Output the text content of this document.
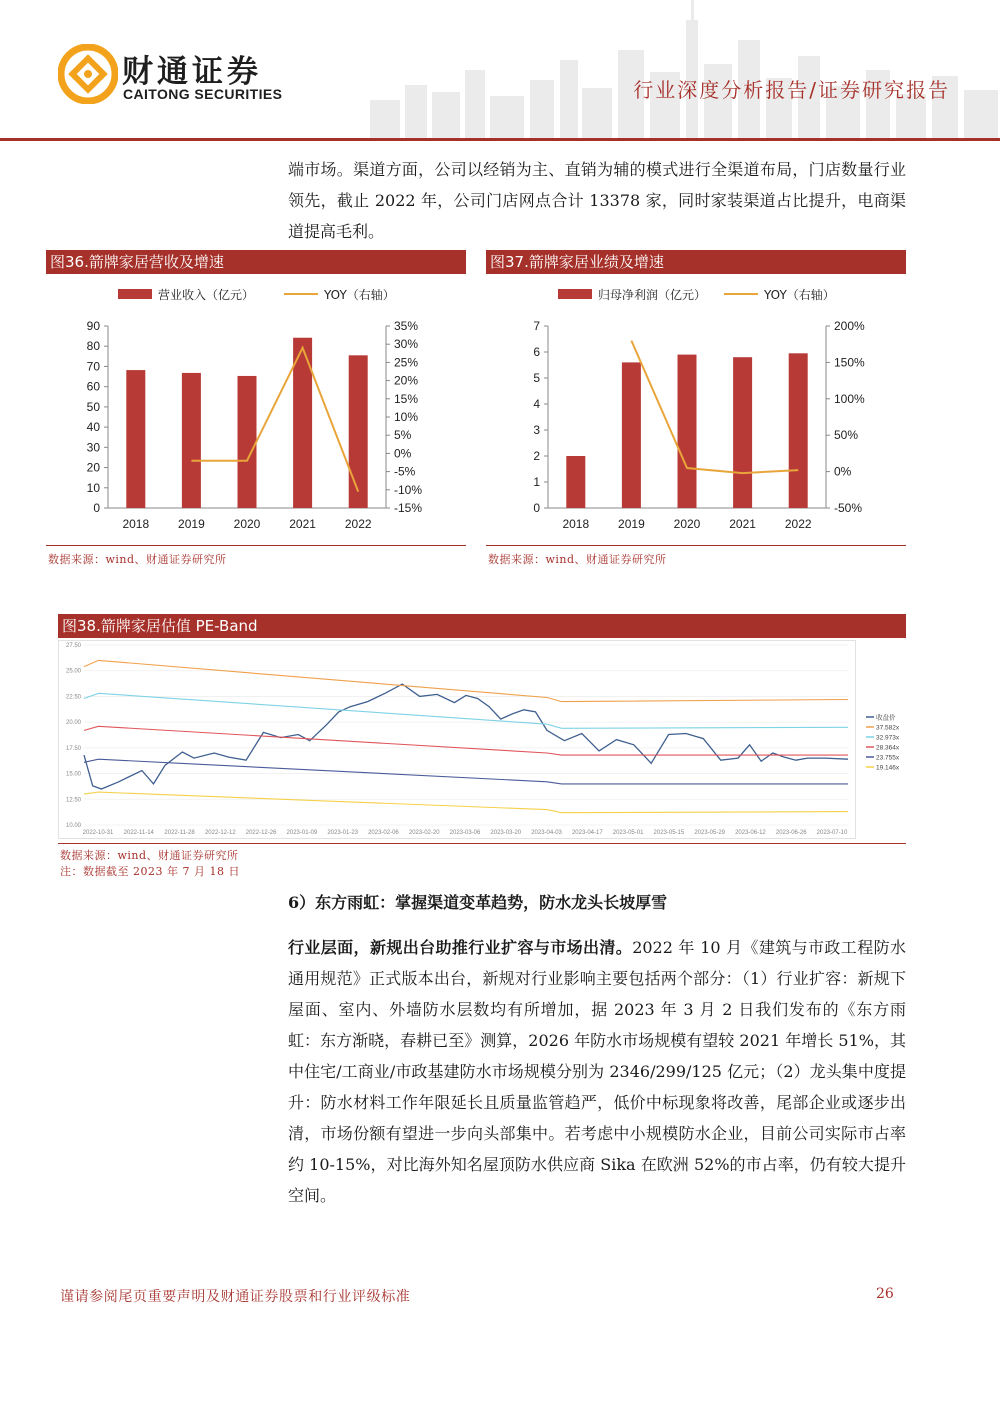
财通证券
CAITONG SECURITIES	行业深度分析报告/证券研究报告
端市场。渠道方面，公司以经销为主、直销为辅的模式进行全渠道布局，门店数量行业领先，截止 2022 年，公司门店网点合计 13378 家，同时家装渠道占比提升，电商渠道提高毛利。
图36.箭牌家居营收及增速
营业收入（亿元）	YOY（右轴）
0
10
20
30
40
50
60
70
80
90
-15%
-10%
-5%
0%
5%
10%
15%
20%
25%
30%
35%
2018 2019 2020 2021 2022
数据来源：wind、财通证券研究所
图37.箭牌家居业绩及增速
归母净利润（亿元）	YOY（右轴）
0
1
2
3
4
5
6
7
-50%
0%
50%
100%
150%
200%
2018 2019 2020 2021 2022
数据来源：wind、财通证券研究所
图38.箭牌家居估值 PE-Band
10.00
12.50
15.00
17.50
20.00
22.50
25.00
27.50
2022-10-31 2022-11-14 2022-11-28 2022-12-12 2022-12-26 2023-01-09 2023-01-23 2023-02-06 2023-02-20 2023-03-06 2023-03-20 2023-04-03 2023-04-17 2023-05-01 2023-05-15 2023-05-29 2023-06-12 2023-06-26 2023-07-10
收盘价
37.582x
32.973x
28.364x
23.755x
19.146x
数据来源：wind、财通证券研究所
注：数据截至 2023 年 7 月 18 日
6）东方雨虹：掌握渠道变革趋势，防水龙头长坡厚雪
行业层面，新规出台助推行业扩容与市场出清。2022 年 10 月《建筑与市政工程防水通用规范》正式版本出台，新规对行业影响主要包括两个部分：（1）行业扩容：新规下屋面、室内、外墙防水层数均有所增加，据 2023 年 3 月 2 日我们发布的《东方雨虹：东方渐晓，春耕已至》测算，2026 年防水市场规模有望较 2021 年增长 51%，其中住宅/工商业/市政基建防水市场规模分别为 2346/299/125 亿元；（2）龙头集中度提升：防水材料工作年限延长且质量监管趋严，低价中标现象将改善，尾部企业或逐步出清，市场份额有望进一步向头部集中。若考虑中小规模防水企业，目前公司实际市占率约 10-15%，对比海外知名屋顶防水供应商 Sika 在欧洲 52%的市占率，仍有较大提升空间。
谨请参阅尾页重要声明及财通证券股票和行业评级标准	26
